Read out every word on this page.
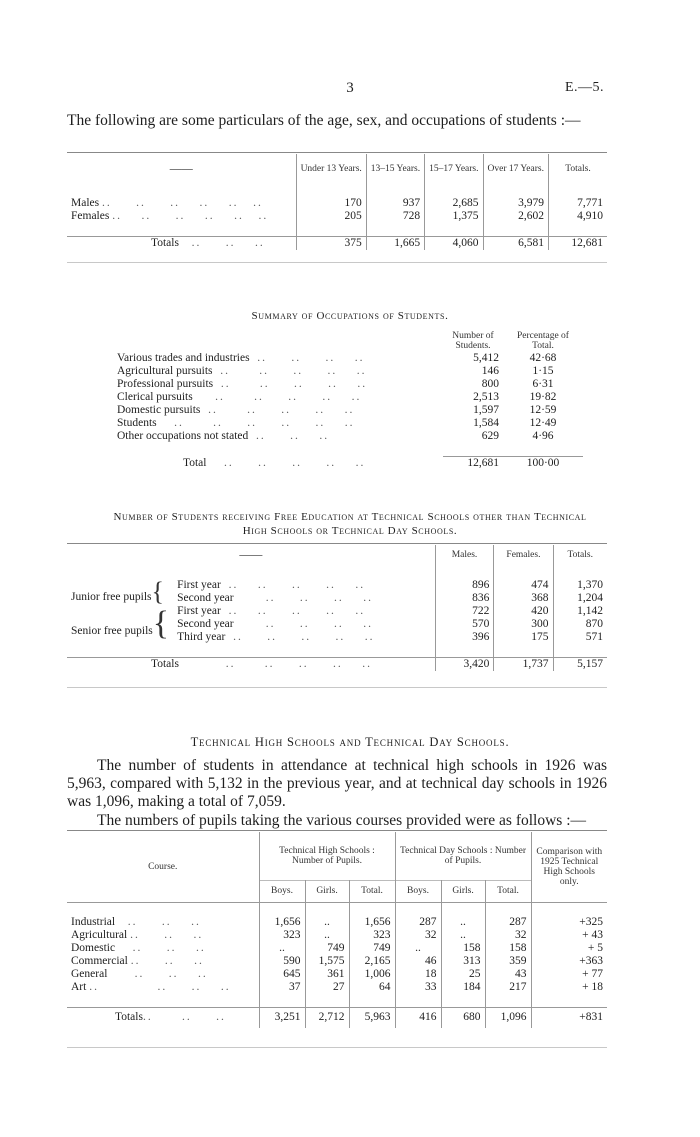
3	E.—5.
The following are some particulars of the age, sex, and occupations of students :—
——	Under 13 Years.	13–15 Years.	15–17 Years.	Over 17 Years.	Totals.

Males ..     ..     ..    ..    ..   ..	170	937	2,685	3,979	7,771
Females ..    ..     ..    ..    ..   ..	205	728	1,375	2,602	4,910

Totals   ..     ..    ..	375	1,665	4,060	6,581	12,681
Summary of Occupations of Students.
	Number of Students.	Percentage of Total.
Various trades and industries  ..     ..     ..    ..	5,412	42·68
Agricultural pursuits  ..      ..     ..     ..    ..	146	1·15
Professional pursuits  ..      ..     ..     ..    ..	800	6·31
Clerical pursuits     ..      ..     ..     ..    ..	2,513	19·82
Domestic pursuits  ..      ..     ..     ..    ..	1,597	12·59
Students    ..      ..     ..     ..     ..    ..	1,584	12·49
Other occupations not stated  ..     ..    ..	629	4·96

Total    ..     ..     ..     ..    ..	12,681	100·00
Number of Students receiving Free Education at Technical Schools other than Technical
High Schools or Technical Day Schools.
——		Males.	Females.	Totals.

Junior free pupils{	First year  ..    ..     ..     ..    ..	896	474	1,370
	Second year       ..     ..     ..    ..	836	368	1,204
Senior free pupils{	First year  ..    ..     ..     ..    ..	722	420	1,142
	Second year       ..     ..     ..    ..	570	300	870
	Third year  ..     ..     ..     ..    ..	396	175	571

Totals          ..      ..     ..     ..    ..		3,420	1,737	5,157
Technical High Schools and Technical Day Schools.
The number of students in attendance at technical high schools in 1926 was 5,963, compared with 5,132 in the previous year, and at technical day schools in 1926 was 1,096, making a total of 7,059.
The numbers of pupils taking the various courses provided were as follows :—
Course.	Technical High Schools : Number of Pupils.			Technical Day Schools : Number of Pupils.			Comparison with 1925 Technical High Schools only.
	Boys.	Girls.	Total.	Boys.	Girls.	Total.	

Industrial   ..     ..    ..	1,656	..	1,656	287	..	287	+325
Agricultural ..     ..    ..	323	..	323	32	..	32	+ 43
Domestic    ..     ..    ..	..	749	749	..	158	158	+ 5
Commercial ..     ..    ..	590	1,575	2,165	46	313	359	+363
General      ..     ..    ..	645	361	1,006	18	25	43	+ 77
Art ..            ..     ..    ..	37	27	64	33	184	217	+ 18

Totals..      ..     ..	3,251	2,712	5,963	416	680	1,096	+831
